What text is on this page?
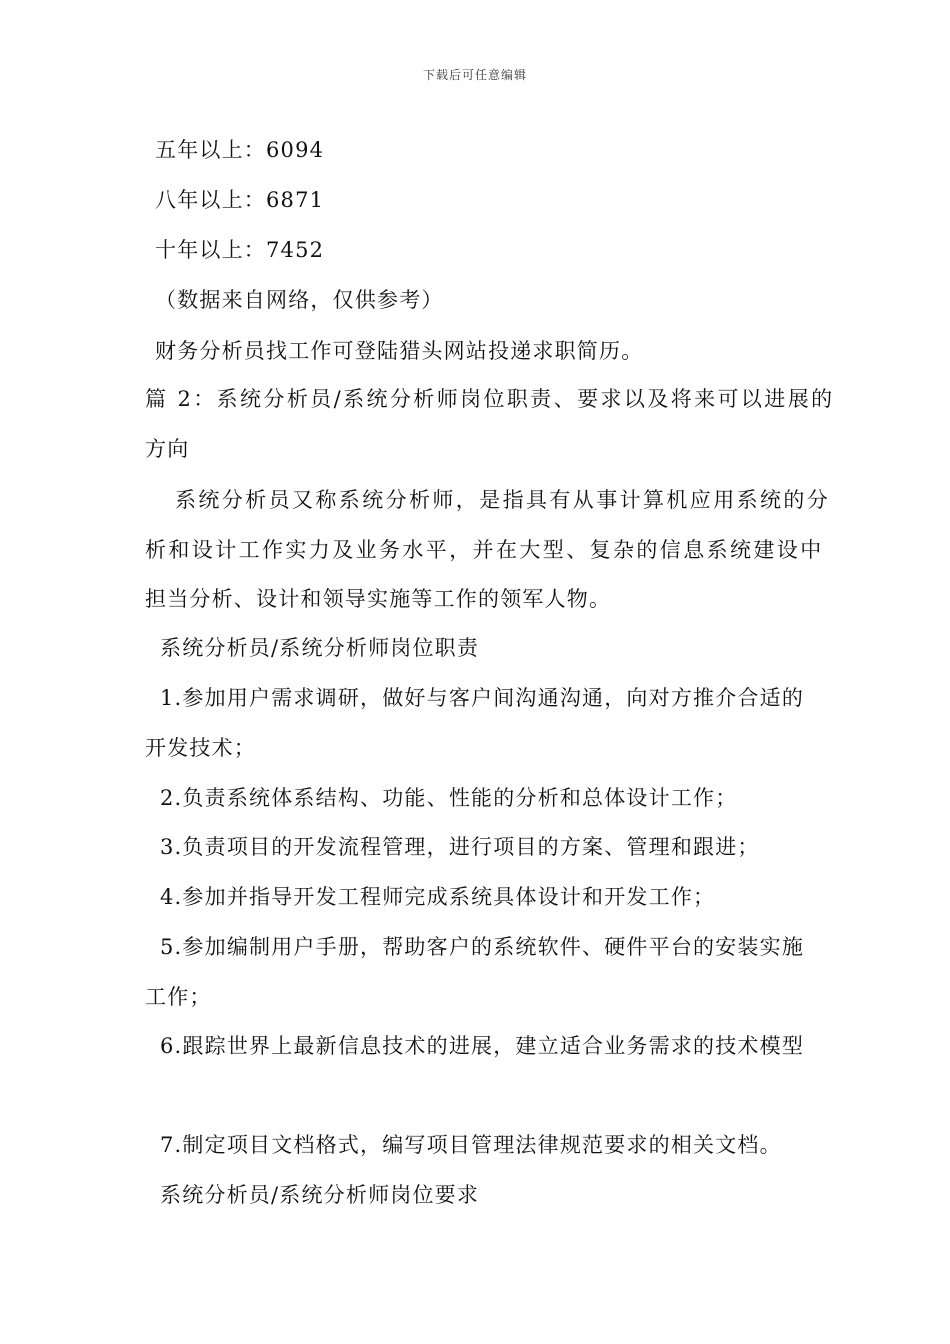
下载后可任意编辑
五年以上：6094
八年以上：6871
十年以上：7452
（数据来自网络，仅供参考）
财务分析员找工作可登陆猎头网站投递求职简历。
篇 2：系统分析员/系统分析师岗位职责、要求以及将来可以进展的
方向
系统分析员又称系统分析师，是指具有从事计算机应用系统的分
析和设计工作实力及业务水平，并在大型、复杂的信息系统建设中
担当分析、设计和领导实施等工作的领军人物。
系统分析员/系统分析师岗位职责
1.参加用户需求调研，做好与客户间沟通沟通，向对方推介合适的
开发技术；
2.负责系统体系结构、功能、性能的分析和总体设计工作；
3.负责项目的开发流程管理，进行项目的方案、管理和跟进；
4.参加并指导开发工程师完成系统具体设计和开发工作；
5.参加编制用户手册，帮助客户的系统软件、硬件平台的安装实施
工作；
6.跟踪世界上最新信息技术的进展，建立适合业务需求的技术模型
7.制定项目文档格式，编写项目管理法律规范要求的相关文档。
系统分析员/系统分析师岗位要求
